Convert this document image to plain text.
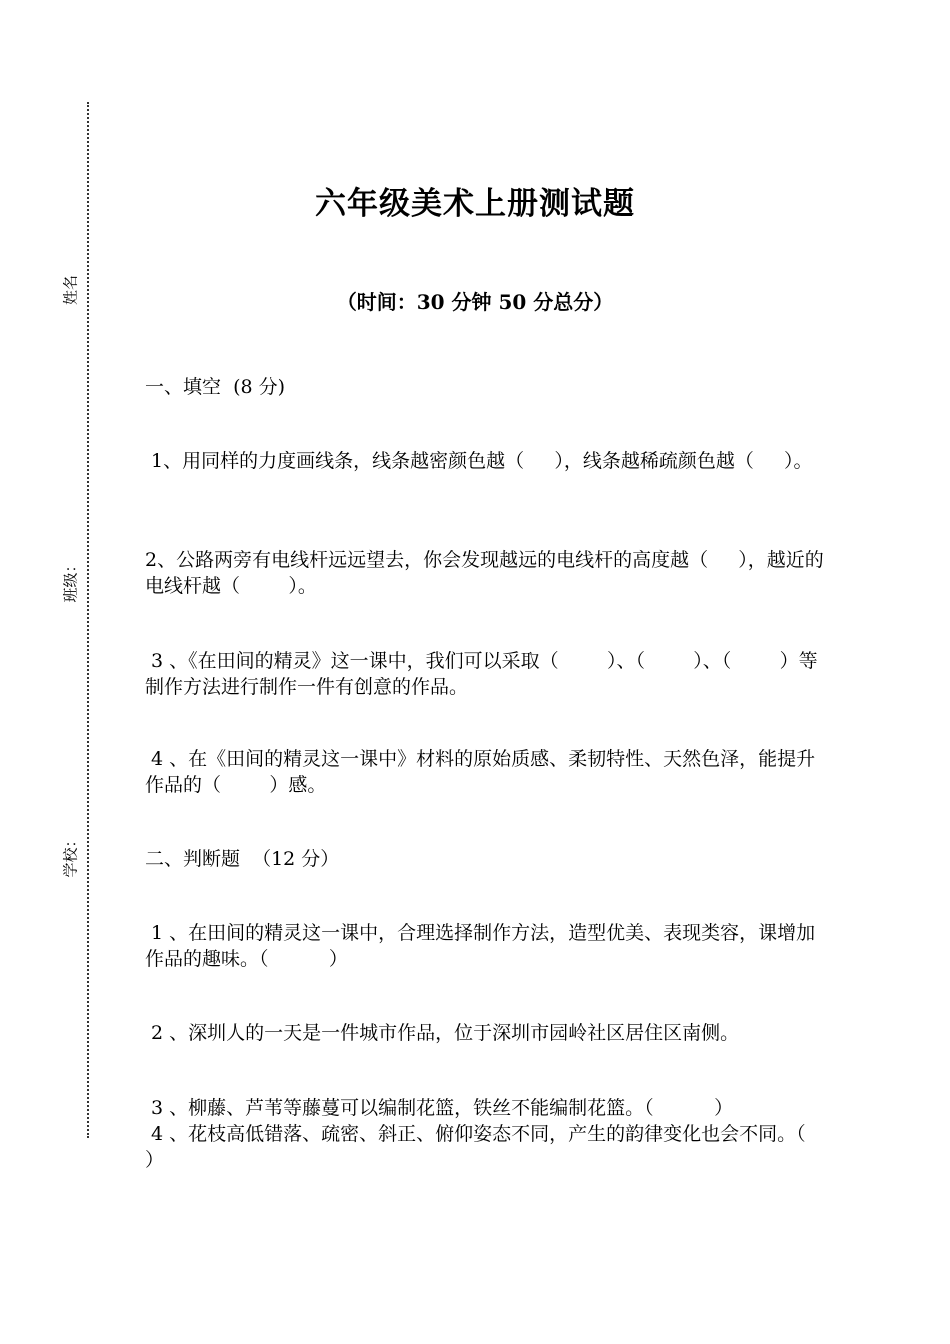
姓名
班级：
学校：
六年级美术上册测试题
（时间：30 分钟 50 分总分）
一、填空  (8 分)
1、用同样的力度画线条，线条越密颜色越（     ），线条越稀疏颜色越（     ）。
2、公路两旁有电线杆远远望去，你会发现越远的电线杆的高度越（     ），越近的电线杆越（        ）。
3 、《在田间的精灵》这一课中，我们可以采取（        ）、（        ）、（        ）等制作方法进行制作一件有创意的作品。
4 、在《田间的精灵这一课中》材料的原始质感、柔韧特性、天然色泽，能提升作品的（        ）感。
二、判断题  （12 分）
1 、在田间的精灵这一课中，合理选择制作方法，造型优美、表现类容，课增加作品的趣味。（          ）
2 、深圳人的一天是一件城市作品，位于深圳市园岭社区居住区南侧。
3 、柳藤、芦苇等藤蔓可以编制花篮，铁丝不能编制花篮。（          ）
4 、花枝高低错落、疏密、斜正、俯仰姿态不同，产生的韵律变化也会不同。（          ）
